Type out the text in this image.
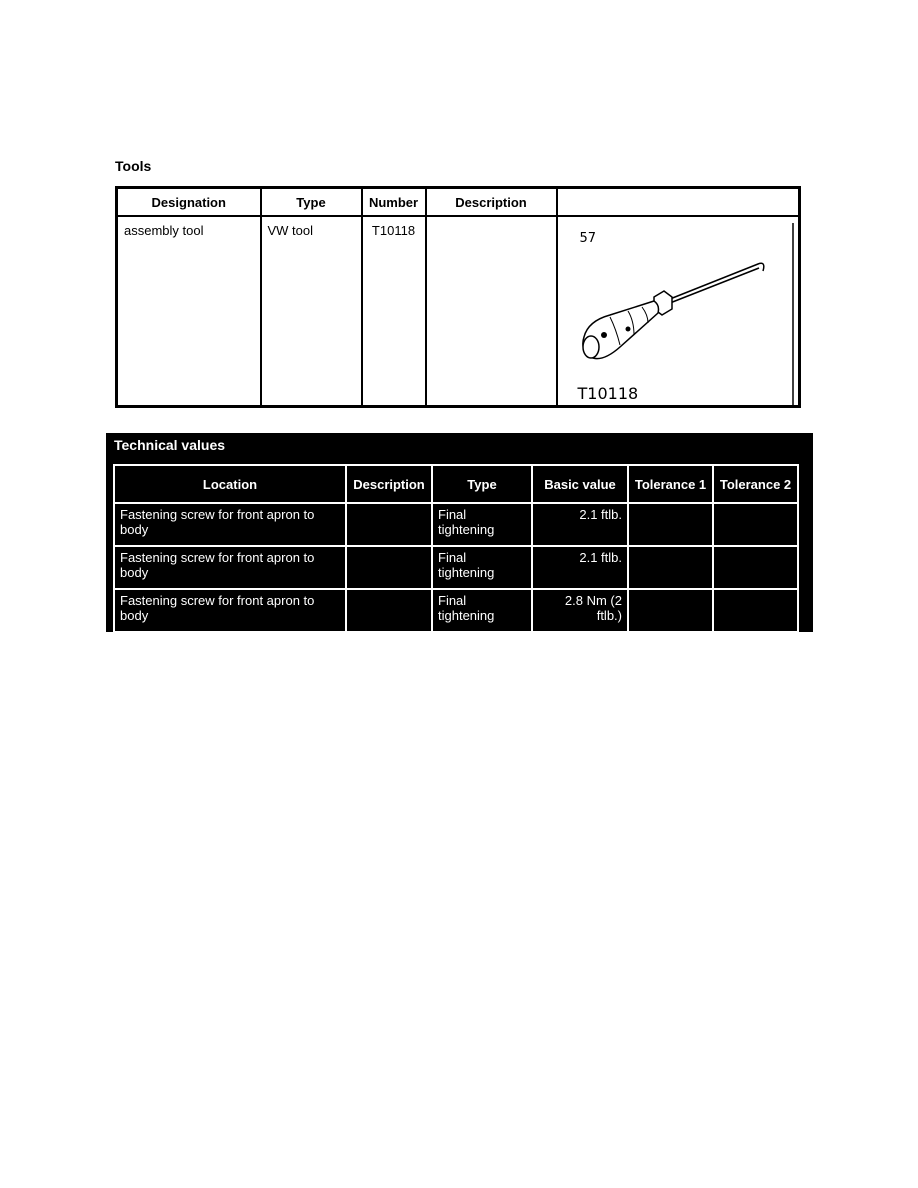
Tools
Designation	Type	Number	Description	
assembly tool	VW tool	T10118		57
T10118
Technical values
Location	Description	Type	Basic value	Tolerance 1	Tolerance 2
Fastening screw for front apron to body		Final tightening	2.1 ftlb.		
Fastening screw for front apron to body		Final tightening	2.1 ftlb.		
Fastening screw for front apron to body		Final tightening	2.8 Nm (2 ftlb.)		
